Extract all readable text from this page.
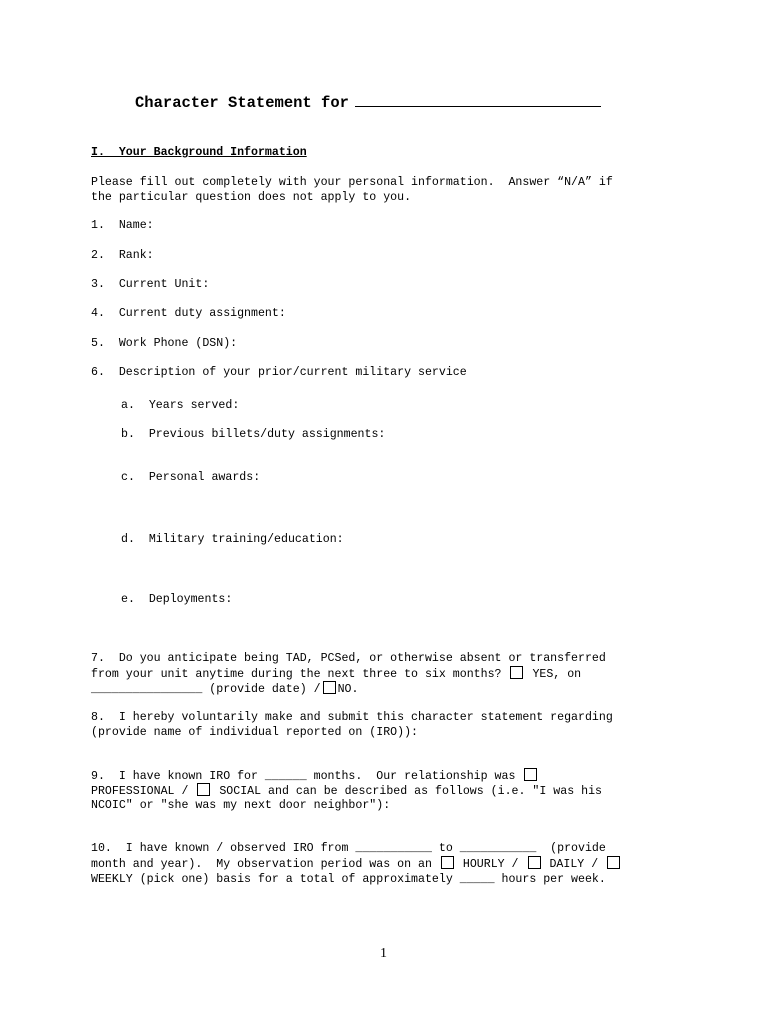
Character Statement for
I.  Your Background Information
Please fill out completely with your personal information.  Answer “N/A” if
the particular question does not apply to you.
1.  Name:
2.  Rank:
3.  Current Unit:
4.  Current duty assignment:
5.  Work Phone (DSN):
6.  Description of your prior/current military service
a.  Years served:
b.  Previous billets/duty assignments:
c.  Personal awards:
d.  Military training/education:
e.  Deployments:
7.  Do you anticipate being TAD, PCSed, or otherwise absent or transferred
from your unit anytime during the next three to six months?	YES, on
________________ (provide date) / NO.
8.  I hereby voluntarily make and submit this character statement regarding
(provide name of individual reported on (IRO)):
9.  I have known IRO for ______ months.  Our relationship was
PROFESSIONAL /	SOCIAL and can be described as follows (i.e. "I was his
NCOIC" or "she was my next door neighbor"):
10.  I have known / observed IRO from ___________ to ___________  (provide
month and year).  My observation period was on an	HOURLY /	DAILY /
WEEKLY (pick one) basis for a total of approximately _____ hours per week.
1
